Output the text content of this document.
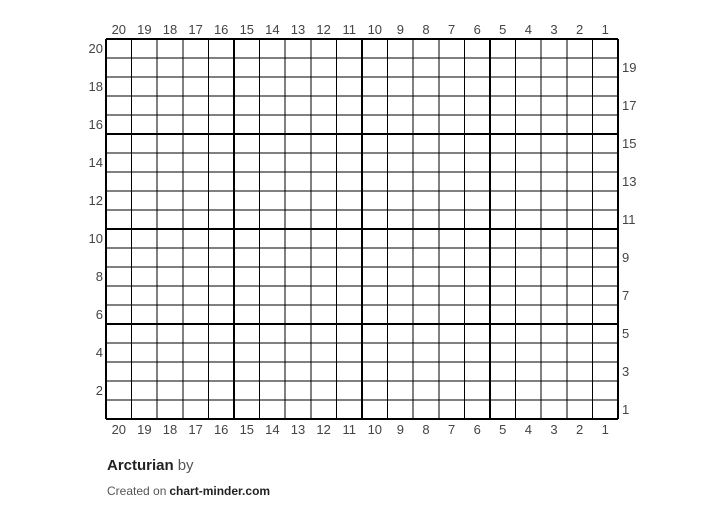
20 19 18 17 16 15 14 13 12 11 10 9 8 7 6 5 4 3 2 1
20 19 18 17 16 15 14 13 12 11 10 9 8 7 6 5 4 3 2 1
20
18
16
14
12
10
8
6
4
2
19
17
15
13
11
9
7
5
3
1
Arcturian by
Created on chart-minder.com
